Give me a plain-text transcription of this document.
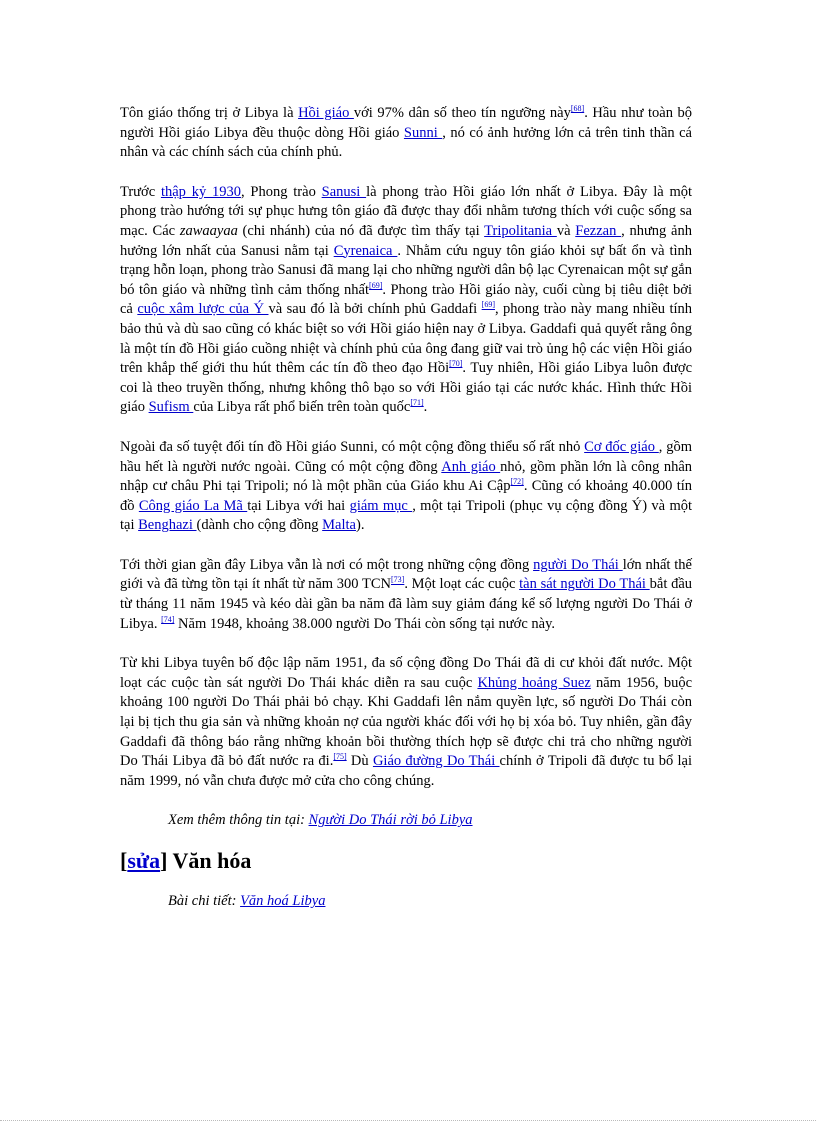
Tôn giáo thống trị ở Libya là Hồi giáo với 97% dân số theo tín ngưỡng này[68]. Hầu như toàn bộ người Hồi giáo Libya đều thuộc dòng Hồi giáo Sunni , nó có ảnh hưởng lớn cả trên tinh thần cá nhân và các chính sách của chính phủ.

Trước thập kỷ 1930, Phong trào Sanusi là phong trào Hồi giáo lớn nhất ở Libya. Đây là một phong trào hướng tới sự phục hưng tôn giáo đã được thay đổi nhằm tương thích với cuộc sống sa mạc. Các zawaayaa (chi nhánh) của nó đã được tìm thấy tại Tripolitania và Fezzan , nhưng ảnh hưởng lớn nhất của Sanusi nằm tại Cyrenaica . Nhằm cứu nguy tôn giáo khỏi sự bất ổn và tình trạng hỗn loạn, phong trào Sanusi đã mang lại cho những người dân bộ lạc Cyrenaican một sự gắn bó tôn giáo và những tình cảm thống nhất[69]. Phong trào Hồi giáo này, cuối cùng bị tiêu diệt bởi cả cuộc xâm lược của Ý và sau đó là bởi chính phủ Gaddafi [69], phong trào này mang nhiều tính bảo thủ và dù sao cũng có khác biệt so với Hồi giáo hiện nay ở Libya. Gaddafi quả quyết rằng ông là một tín đồ Hồi giáo cuồng nhiệt và chính phủ của ông đang giữ vai trò ủng hộ các viện Hồi giáo trên khắp thế giới thu hút thêm các tín đồ theo đạo Hồi[70]. Tuy nhiên, Hồi giáo Libya luôn được coi là theo truyền thống, nhưng không thô bạo so với Hồi giáo tại các nước khác. Hình thức Hồi giáo Sufism của Libya rất phổ biến trên toàn quốc[71].

Ngoài đa số tuyệt đối tín đồ Hồi giáo Sunni, có một cộng đồng thiểu số rất nhỏ Cơ đốc giáo , gồm hầu hết là người nước ngoài. Cũng có một cộng đồng Anh giáo nhỏ, gồm phần lớn là công nhân nhập cư châu Phi tại Tripoli; nó là một phần của Giáo khu Ai Cập[72]. Cũng có khoảng 40.000 tín đồ Công giáo La Mã tại Libya với hai giám mục , một tại Tripoli (phục vụ cộng đồng Ý) và một tại Benghazi (dành cho cộng đồng Malta).

Tới thời gian gần đây Libya vẫn là nơi có một trong những cộng đồng người Do Thái lớn nhất thế giới và đã từng tồn tại ít nhất từ năm 300 TCN[73]. Một loạt các cuộc tàn sát người Do Thái bắt đầu từ tháng 11 năm 1945 và kéo dài gần ba năm đã làm suy giảm đáng kể số lượng người Do Thái ở Libya. [74] Năm 1948, khoảng 38.000 người Do Thái còn sống tại nước này.

Từ khi Libya tuyên bố độc lập năm 1951, đa số cộng đồng Do Thái đã di cư khỏi đất nước. Một loạt các cuộc tàn sát người Do Thái khác diễn ra sau cuộc Khủng hoảng Suez năm 1956, buộc khoảng 100 người Do Thái phải bỏ chạy. Khi Gaddafi lên nắm quyền lực, số người Do Thái còn lại bị tịch thu gia sản và những khoản nợ của người khác đối với họ bị xóa bỏ. Tuy nhiên, gần đây Gaddafi đã thông báo rằng những khoản bồi thường thích hợp sẽ được chi trả cho những người Do Thái Libya đã bỏ đất nước ra đi.[75] Dù Giáo đường Do Thái chính ở Tripoli đã được tu bổ lại năm 1999, nó vẫn chưa được mở cửa cho công chúng.

Xem thêm thông tin tại: Người Do Thái rời bỏ Libya
[sửa] Văn hóa
Bài chi tiết: Văn hoá Libya
